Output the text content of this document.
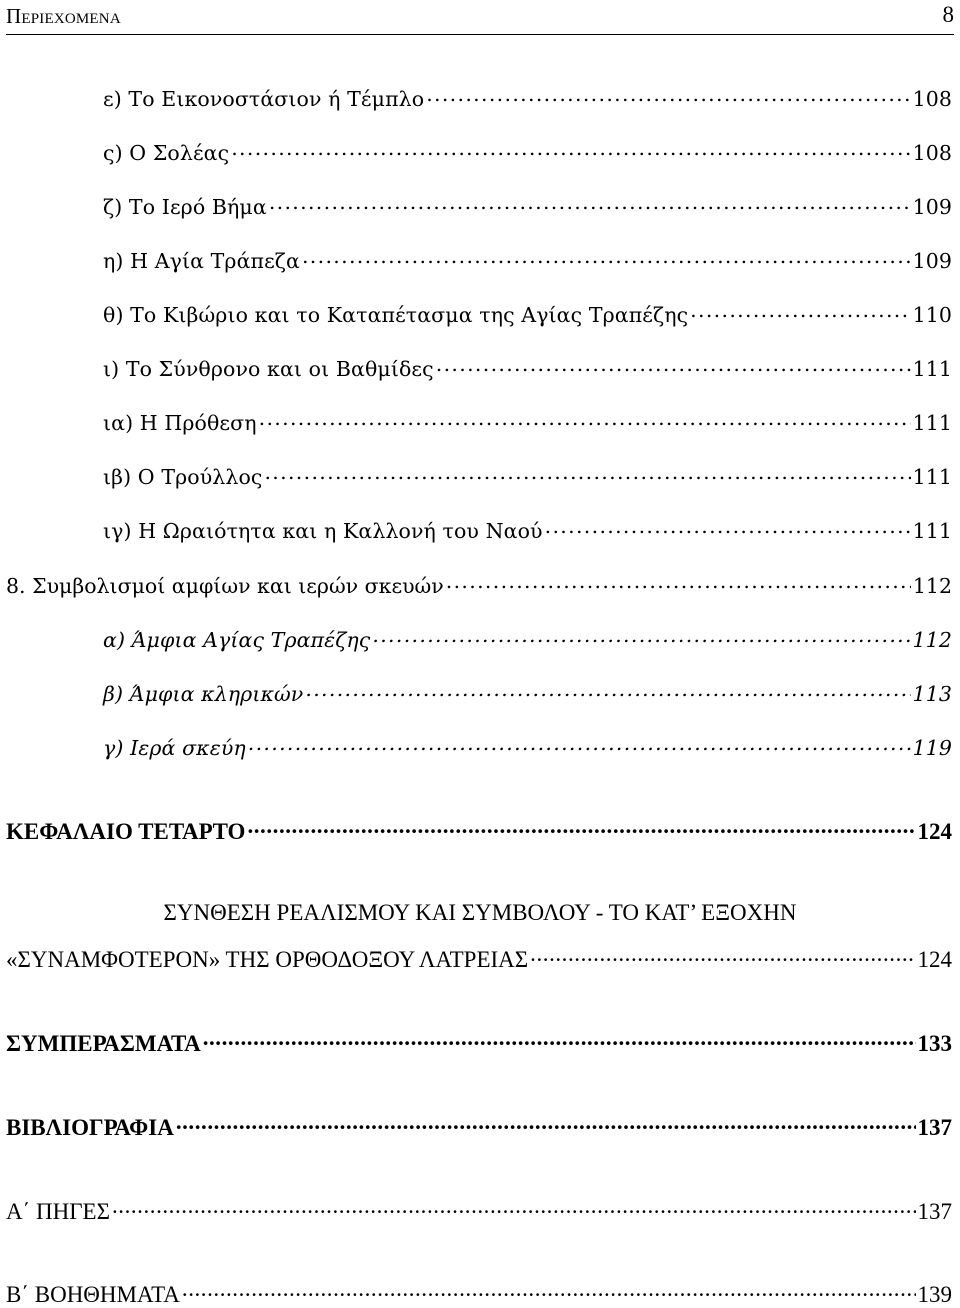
Περιεχομενα	8
ε) Το Εικονοστάσιον ή Τέμπλο . . .	108
ς) Ο Σολέας . . .	108
ζ) Το Ιερό Βήμα . . .	109
η) Η Αγία Τράπεζα . . .	109
θ) Το Κιβώριο και το Καταπέτασμα της Αγίας Τραπέζης . . .	110
ι) Το Σύνθρονο και οι Βαθμίδες . . .	111
ια) Η Πρόθεση . . .	111
ιβ) Ο Τρούλλος . . .	111
ιγ) Η Ωραιότητα και η Καλλονή του Ναού . . .	111
8. Συμβολισμοί αμφίων και ιερών σκευών . . .	112
α) Άμφια Αγίας Τραπέζης . . .	112
β) Άμφια κληρικών . . .	113
γ) Ιερά σκεύη . . .	119
ΚΕΦΑΛΑΙΟ ΤΕΤΑΡΤΟ . . .	124
ΣΥΝΘΕΣΗ ΡΕΑΛΙΣΜΟΥ ΚΑΙ ΣΥΜΒΟΛΟΥ - ΤΟ ΚΑΤ’ ΕΞΟΧΗΝ
«ΣΥΝΑΜΦΟΤΕΡΟΝ» ΤΗΣ ΟΡΘΟΔΟΞΟΥ ΛΑΤΡΕΙΑΣ . . .	124
ΣΥΜΠΕΡΑΣΜΑΤΑ . . .	133
ΒΙΒΛΙΟΓΡΑΦΙΑ . . .	137
Α΄ ΠΗΓΕΣ . . .	137
Β΄ ΒΟΗΘΗΜΑΤΑ . . .	139
